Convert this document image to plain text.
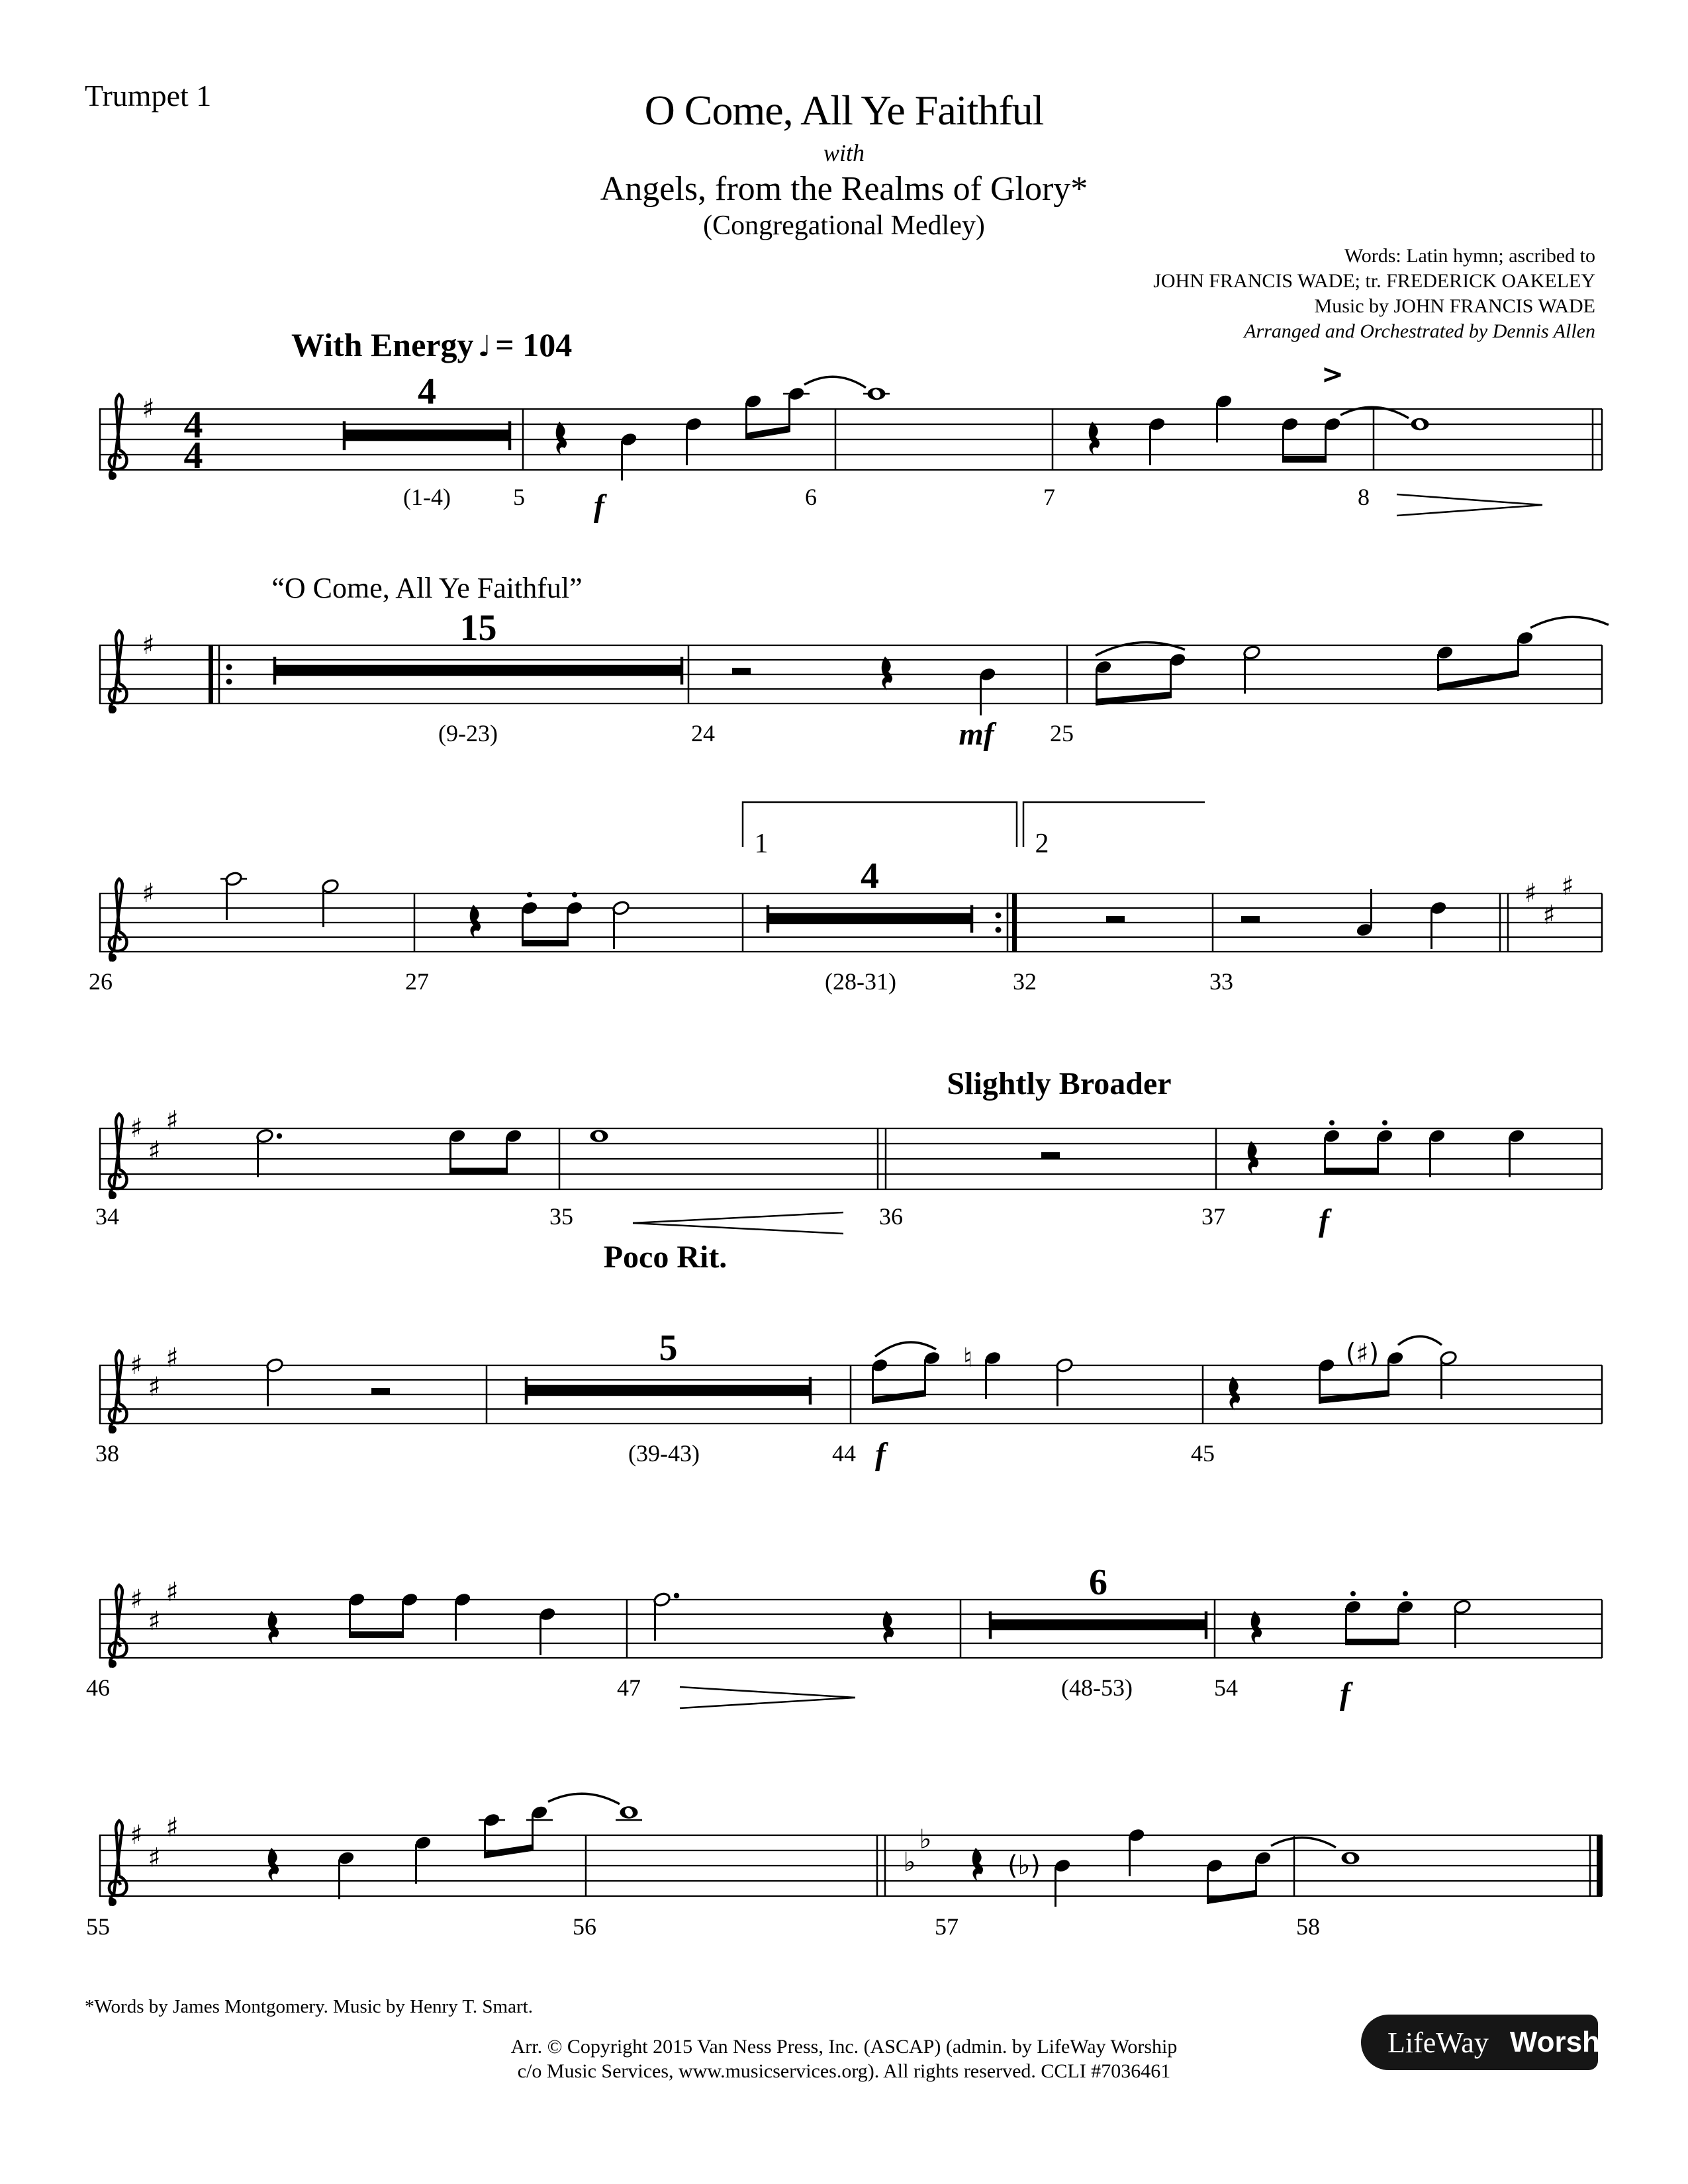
Trumpet 1	O Come, All Ye Faithful
with
Angels, from the Realms of Glory*
(Congregational Medley)
Words: Latin hymn; ascribed to
JOHN FRANCIS WADE; tr. FREDERICK OAKELEY
Music by JOHN FRANCIS WADE
Arranged and Orchestrated by Dennis Allen
With Energy ♩ = 104
♯ 4
4
4	>
(1-4)	5	6	7	8
f
♯	15
“O Come, All Ye Faithful”
(9-23)	24	25
mf
♯	♯
♯
♯
4
1	2
26	27	(28-31)	32	33
♯
♯
♯
Slightly Broader
Poco Rit.
34	35	36	37	f
♯
♯
♯	5	♮	(♯)
38	(39-43)	44	45
f
♯
♯
♯	6
46	47	(48-53)	54	f
♯
♯
♯
♭
♭
(♭)
55	56	57	58
*Words by James Montgomery. Music by Henry T. Smart.
Arr. © Copyright 2015 Van Ness Press, Inc. (ASCAP) (admin. by LifeWay Worship
c/o Music Services, www.musicservices.org). All rights reserved. CCLI #7036461
LifeWay Worship
